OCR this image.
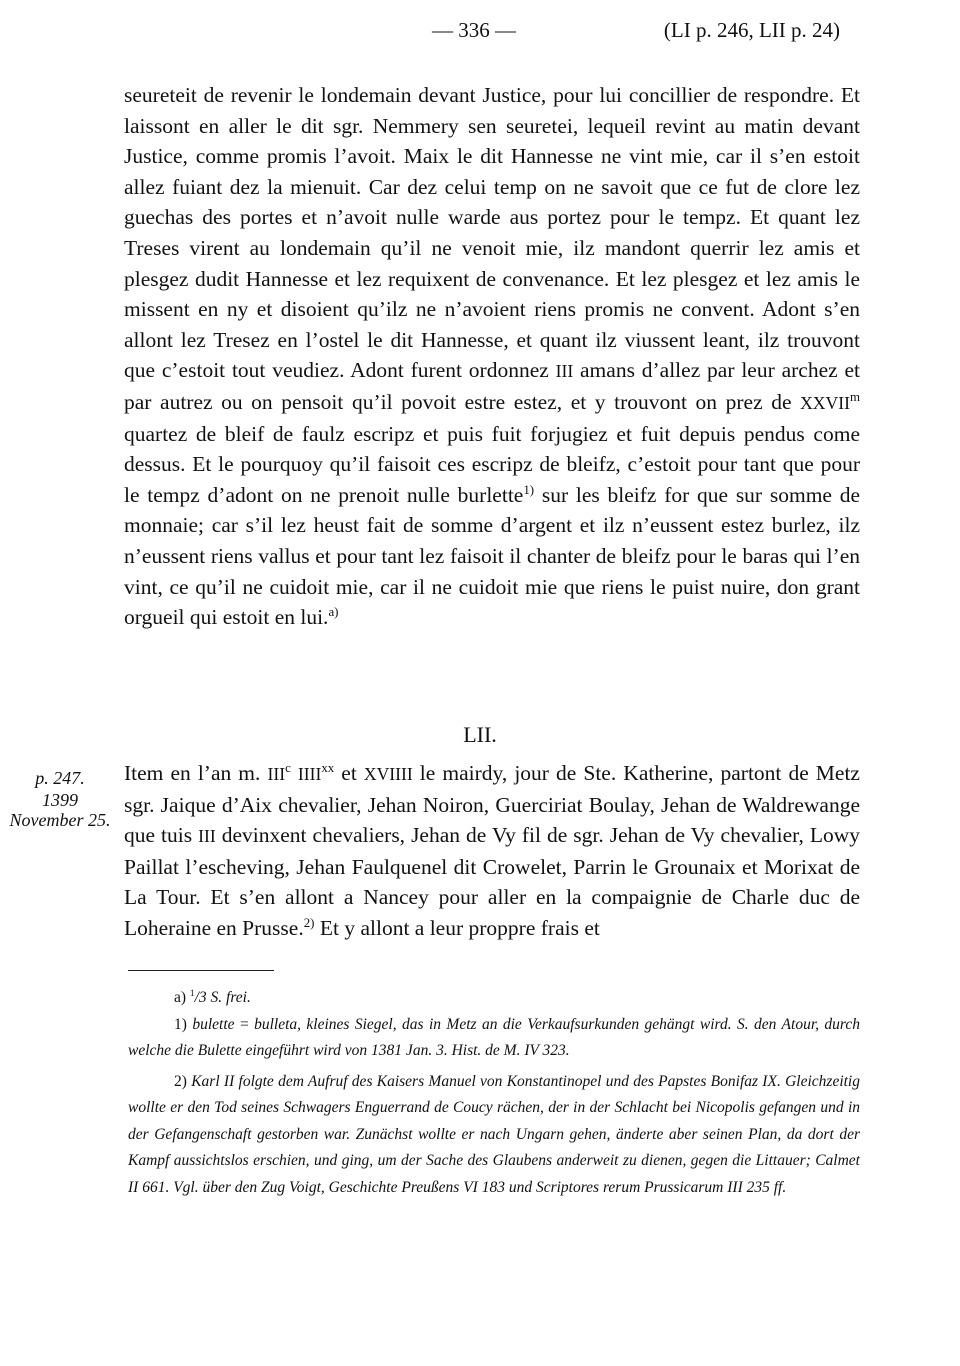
— 336 —	(LI p. 246, LII p. 24)

seureteit de revenir le londemain devant Justice, pour lui concillier de respondre. Et laissont en aller le dit sgr. Nemmery sen seuretei, lequeil revint au matin devant Justice, comme promis l’avoit. Maix le dit Hannesse ne vint mie, car il s’en estoit allez fuiant dez la mienuit. Car dez celui temp on ne savoit que ce fut de clore lez guechas des portes et n’avoit nulle warde aus portez pour le tempz. Et quant lez Treses virent au londemain qu’il ne venoit mie, ilz mandont querrir lez amis et plesgez dudit Hannesse et lez requixent de convenance. Et lez plesgez et lez amis le missent en ny et disoient qu’ilz ne n’avoient riens promis ne convent. Adont s’en allont lez Tresez en l’ostel le dit Hannesse, et quant ilz viussent leant, ilz trouvont que c’estoit tout veudiez. Adont furent ordonnez III amans d’allez par leur archez et par autrez ou on pensoit qu’il povoit estre estez, et y trouvont on prez de XXVII$^m$ quartez de bleif de faulz escripz et puis fuit forjugiez et fuit depuis pendus come dessus. Et le pourquoy qu’il faisoit ces escripz de bleifz, c’estoit pour tant que pour le tempz d’adont on ne prenoit nulle burlette$^{1)}$ sur les bleifz for que sur somme de monnaie; car s’il lez heust fait de somme d’argent et ilz n’eussent estez burlez, ilz n’eussent riens vallus et pour tant lez faisoit il chanter de bleifz pour le baras qui l’en vint, ce qu’il ne cuidoit mie, car il ne cuidoit mie que riens le puist nuire, don grant orgueil qui estoit en lui.$^{a)}$

LII.
p. 247.
1399
November 25.

Item en l’an m. III$^c$ IIII$^{xx}$ et XVIIII le mairdy, jour de Ste. Katherine, partont de Metz sgr. Jaique d’Aix chevalier, Jehan Noiron, Guerciriat Boulay, Jehan de Waldrewange que tuis III devinxent chevaliers, Jehan de Vy fil de sgr. Jehan de Vy chevalier, Lowy Paillat l’escheving, Jehan Faulquenel dit Crowelet, Parrin le Grounaix et Morixat de La Tour. Et s’en allont a Nancey pour aller en la compaignie de Charle duc de Loheraine en Prusse.$^{2)}$ Et y allont a leur proppre frais et

a) $^1$/3 S. frei.

1) bulette = bulleta, kleines Siegel, das in Metz an die Verkaufsurkunden gehängt wird. S. den Atour, durch welche die Bulette eingeführt wird von 1381 Jan. 3. Hist. de M. IV 323.

2) Karl II folgte dem Aufruf des Kaisers Manuel von Konstantinopel und des Papstes Bonifaz IX. Gleichzeitig wollte er den Tod seines Schwagers Enguerrand de Coucy rächen, der in der Schlacht bei Nicopolis gefangen und in der Gefangenschaft gestorben war. Zunächst wollte er nach Ungarn gehen, änderte aber seinen Plan, da dort der Kampf aussichtslos erschien, und ging, um der Sache des Glaubens anderweit zu dienen, gegen die Littauer; Calmet II 661. Vgl. über den Zug Voigt, Geschichte Preußens VI 183 und Scriptores rerum Prussicarum III 235 ff.
